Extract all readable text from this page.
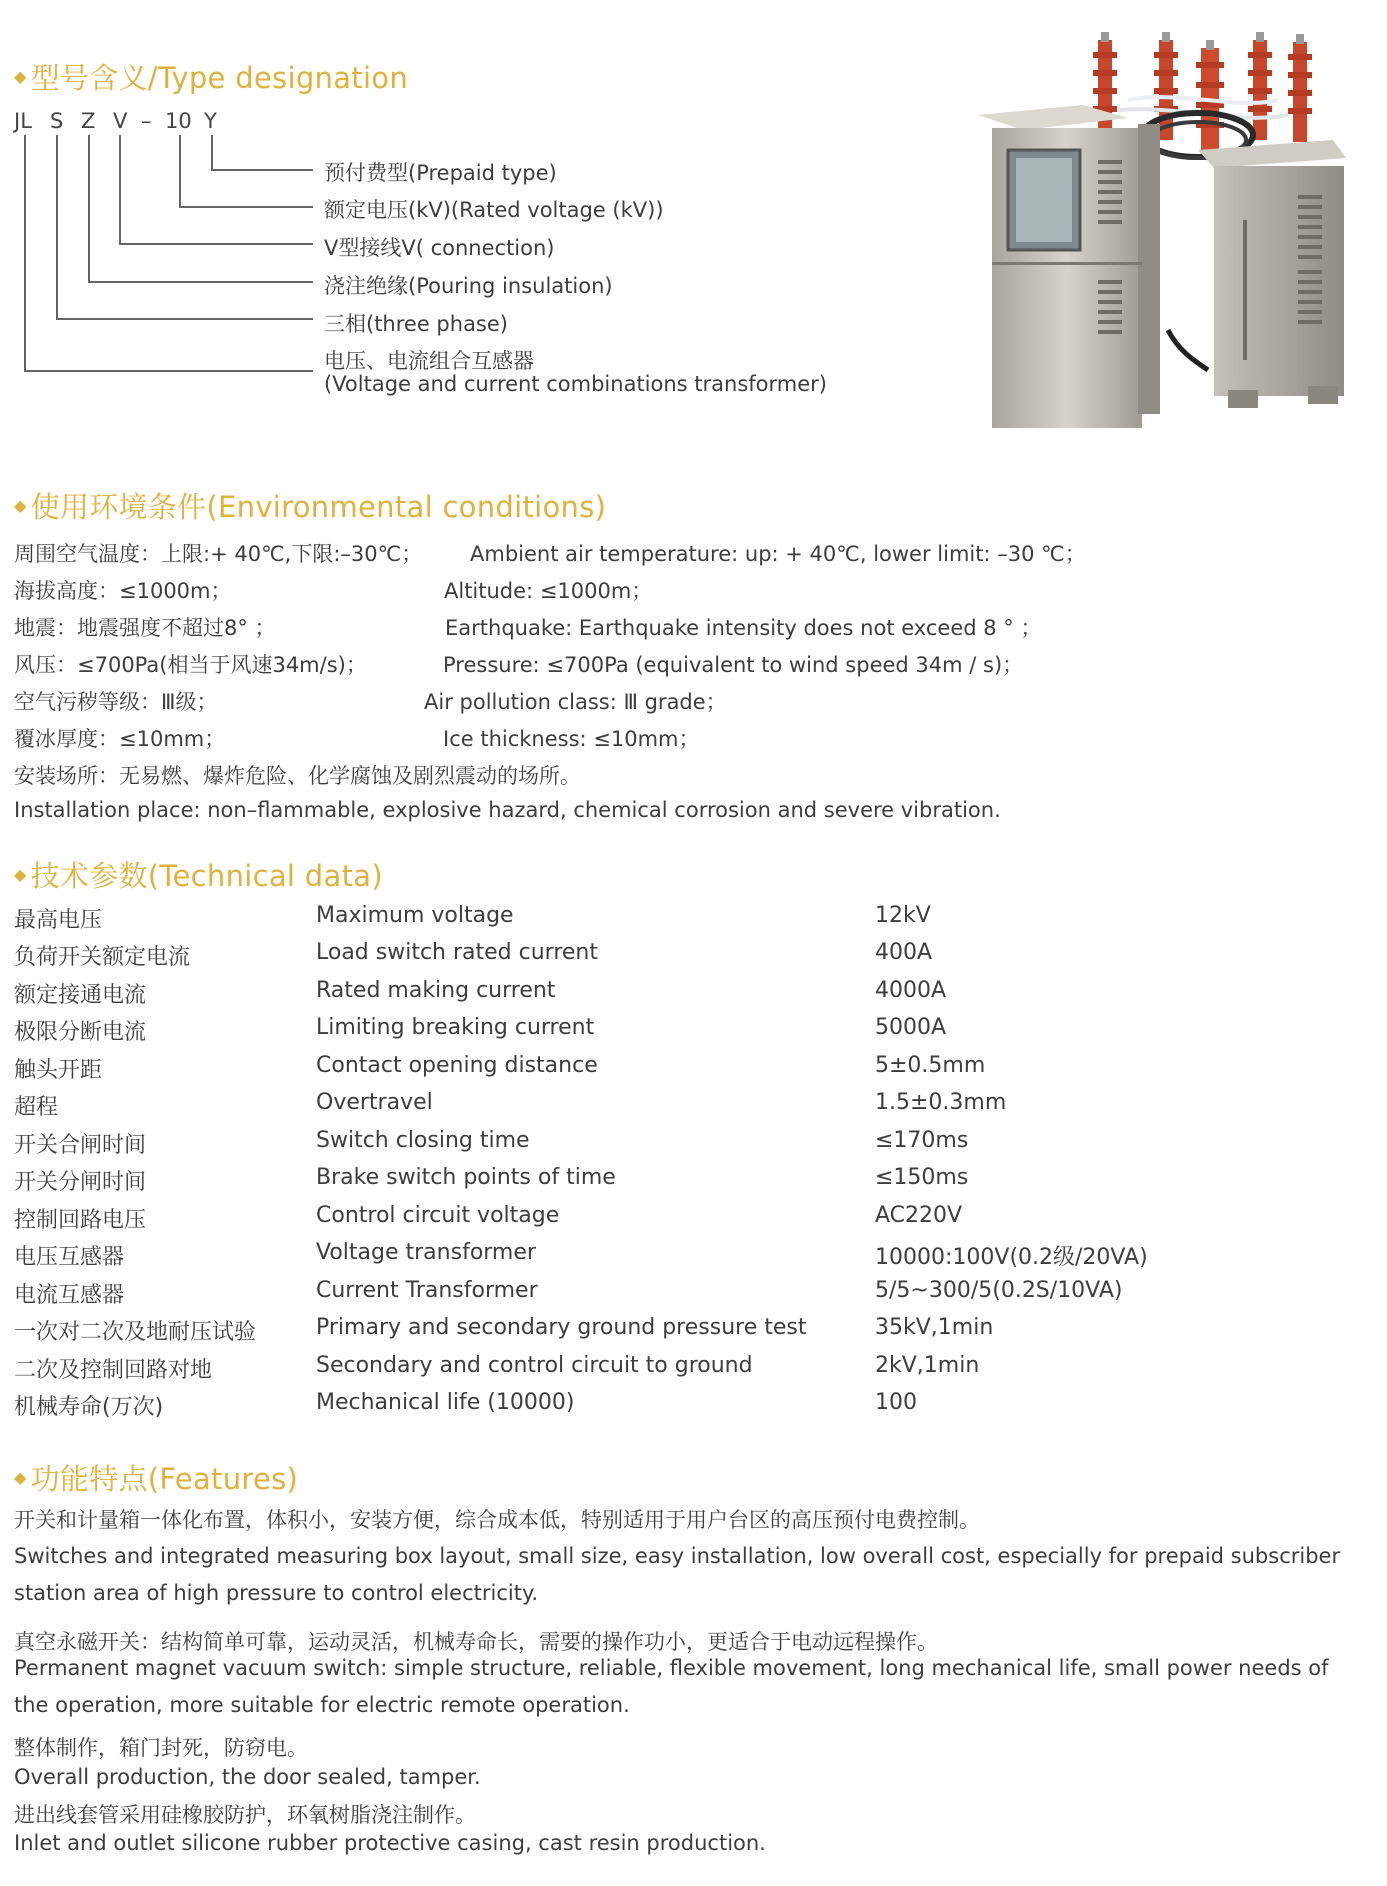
◆ 型号含义/Type designation
JL S Z V – 10 Y
预付费型(Prepaid type)
额定电压(kV)(Rated voltage (kV))
V型接线V( connection)
浇注绝缘(Pouring insulation)
三相(three phase)
电压、电流组合互感器
(Voltage and current combinations transformer)
◆ 使用环境条件(Environmental conditions)
周围空气温度：上限:+ 40℃,下限:–30℃； Ambient air temperature: up: + 40℃, lower limit: –30 ℃；
海拔高度：≤1000m；	Altitude: ≤1000m；
地震：地震强度不超过8° ；	Earthquake: Earthquake intensity does not exceed 8 ° ；
风压：≤700Pa(相当于风速34m/s)；	Pressure: ≤700Pa (equivalent to wind speed 34m / s)；
空气污秽等级：Ⅲ级；	Air pollution class: Ⅲ grade；
覆冰厚度：≤10mm；	Ice thickness: ≤10mm；
安装场所：无易燃、爆炸危险、化学腐蚀及剧烈震动的场所。
Installation place: non–flammable, explosive hazard, chemical corrosion and severe vibration.
◆ 技术参数(Technical data)
最高电压	Maximum voltage	12kV
负荷开关额定电流	Load switch rated current	400A
额定接通电流	Rated making current	4000A
极限分断电流	Limiting breaking current	5000A
触头开距	Contact opening distance	5±0.5mm
超程	Overtravel	1.5±0.3mm
开关合闸时间	Switch closing time	≤170ms
开关分闸时间	Brake switch points of time	≤150ms
控制回路电压	Control circuit voltage	AC220V
电压互感器	Voltage transformer	10000:100V(0.2级/20VA)
电流互感器	Current Transformer	5/5~300/5(0.2S/10VA)
一次对二次及地耐压试验	Primary and secondary ground pressure test	35kV,1min
二次及控制回路对地	Secondary and control circuit to ground	2kV,1min
机械寿命(万次)	Mechanical life (10000)	100
◆ 功能特点(Features)
开关和计量箱一体化布置，体积小，安装方便，综合成本低，特别适用于用户台区的高压预付电费控制。
Switches and integrated measuring box layout, small size, easy installation, low overall cost, especially for prepaid subscriber
station area of high pressure to control electricity.
真空永磁开关：结构简单可靠，运动灵活，机械寿命长，需要的操作功小，更适合于电动远程操作。
Permanent magnet vacuum switch: simple structure, reliable, flexible movement, long mechanical life, small power needs of
the operation, more suitable for electric remote operation.
整体制作，箱门封死，防窃电。
Overall production, the door sealed, tamper.
进出线套管采用硅橡胶防护，环氧树脂浇注制作。
Inlet and outlet silicone rubber protective casing, cast resin production.
